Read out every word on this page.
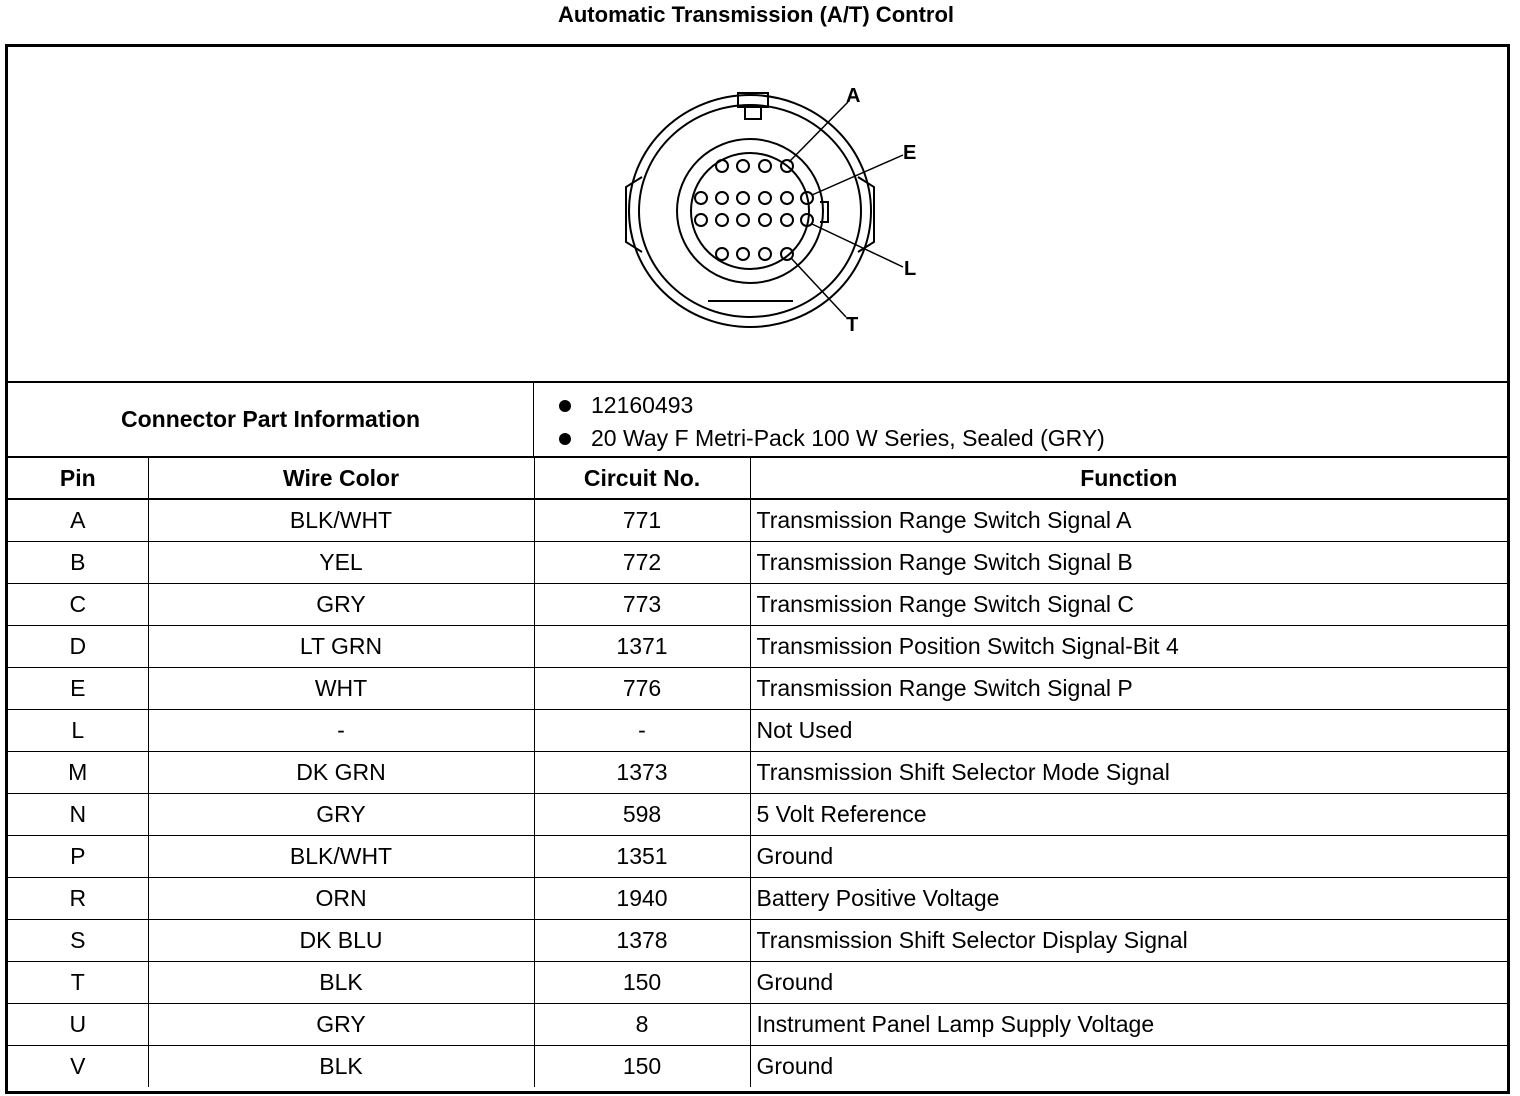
Automatic Transmission (A/T) Control
A
E
L
T
Connector Part Information
12160493
20 Way F Metri-Pack 100 W Series, Sealed (GRY)
Pin	Wire Color	Circuit No.	Function
A	BLK/WHT	771	Transmission Range Switch Signal A
B	YEL	772	Transmission Range Switch Signal B
C	GRY	773	Transmission Range Switch Signal C
D	LT GRN	1371	Transmission Position Switch Signal-Bit 4
E	WHT	776	Transmission Range Switch Signal P
L	-	-	Not Used
M	DK GRN	1373	Transmission Shift Selector Mode Signal
N	GRY	598	5 Volt Reference
P	BLK/WHT	1351	Ground
R	ORN	1940	Battery Positive Voltage
S	DK BLU	1378	Transmission Shift Selector Display Signal
T	BLK	150	Ground
U	GRY	8	Instrument Panel Lamp Supply Voltage
V	BLK	150	Ground
